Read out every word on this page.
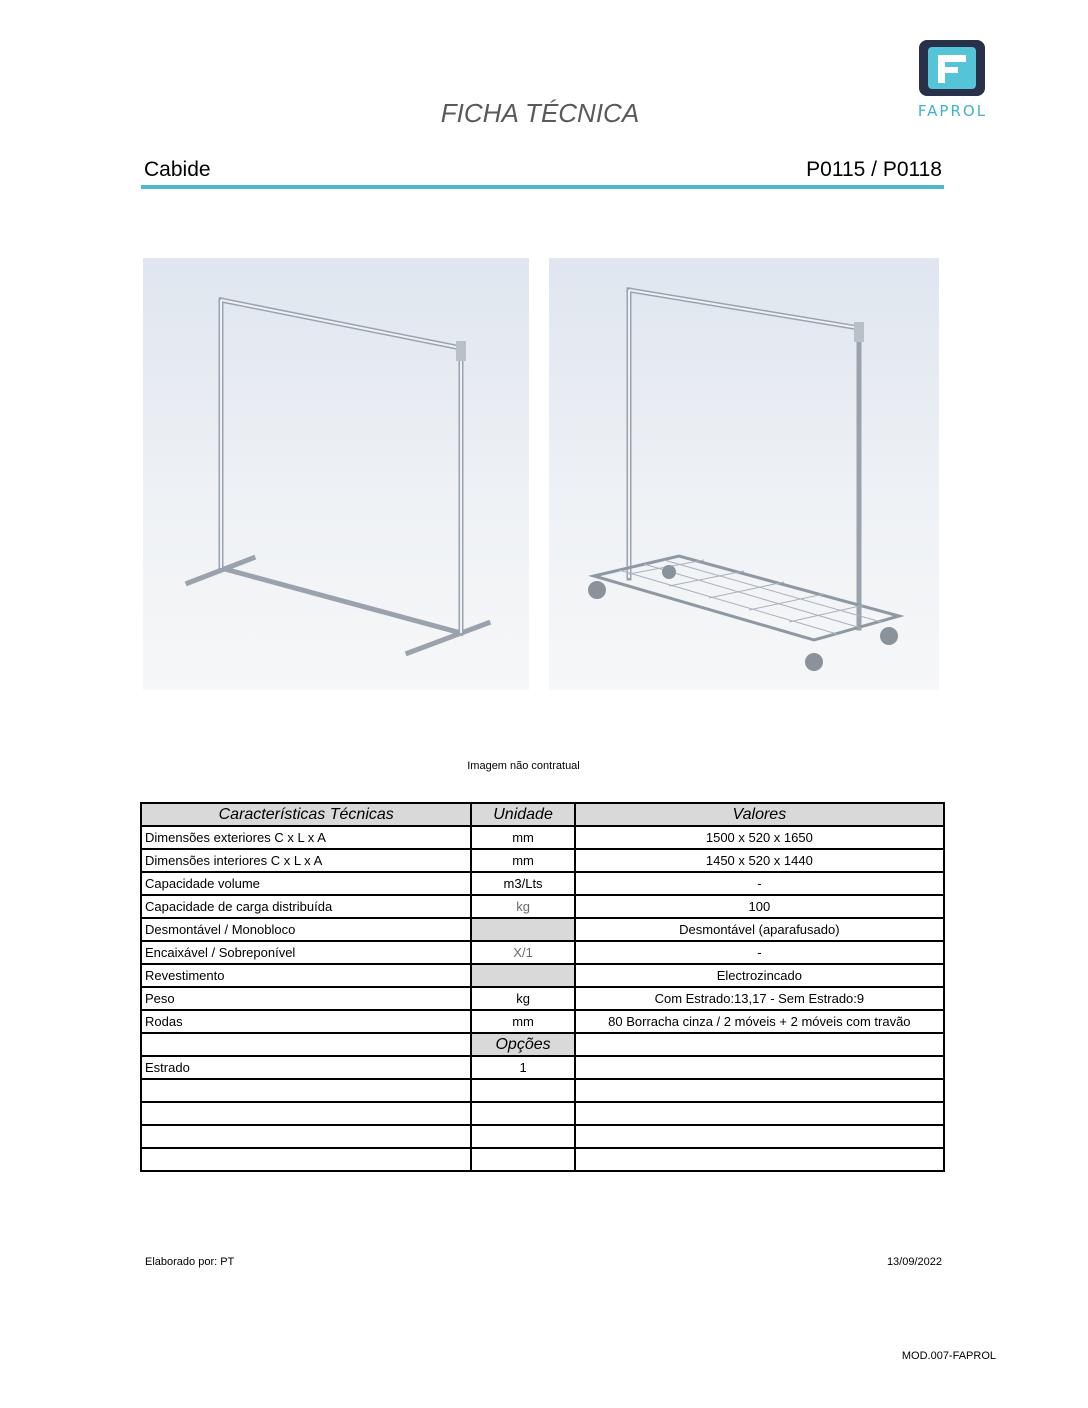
FAPROL
FICHA TÉCNICA
Cabide	P0115 / P0118
Imagem não contratual
Características Técnicas	Unidade	Valores
Dimensões exteriores C x L x A	mm	1500 x 520 x 1650
Dimensões interiores C x L x A	mm	1450 x 520 x 1440
Capacidade volume	m3/Lts	-
Capacidade de carga distribuída	kg	100
Desmontável / Monobloco		Desmontável (aparafusado)
Encaixável / Sobreponível	X/1	-
Revestimento		Electrozincado
Peso	kg	Com Estrado:13,17 - Sem Estrado:9
Rodas	mm	80 Borracha cinza / 2 móveis + 2 móveis com travão
	Opções	
Estrado	1	

Elaborado por: PT	13/09/2022
MOD.007-FAPROL
